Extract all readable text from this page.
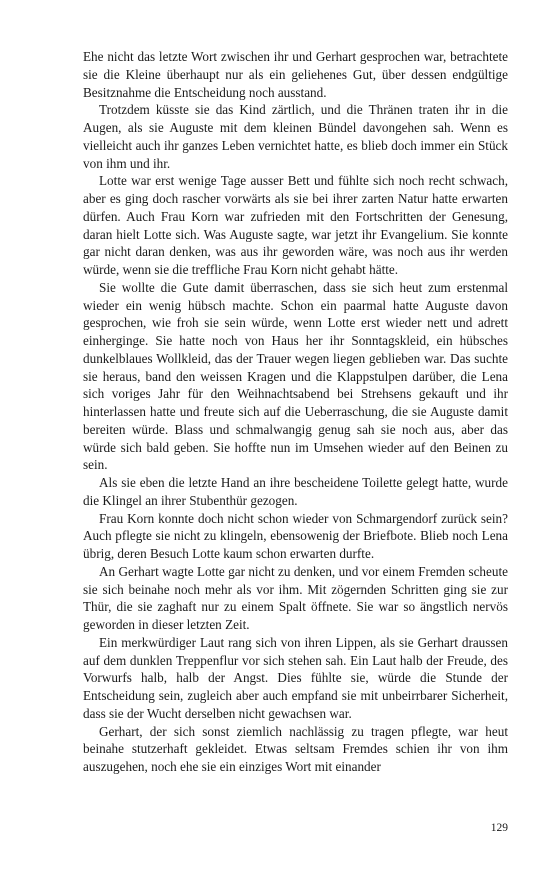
Ehe nicht das letzte Wort zwischen ihr und Gerhart gesprochen war, betrachtete sie die Kleine überhaupt nur als ein geliehenes Gut, über dessen endgültige Besitznahme die Entscheidung noch ausstand.

Trotzdem küsste sie das Kind zärtlich, und die Thränen traten ihr in die Augen, als sie Auguste mit dem kleinen Bündel davongehen sah. Wenn es vielleicht auch ihr ganzes Leben vernichtet hatte, es blieb doch immer ein Stück von ihm und ihr.

Lotte war erst wenige Tage ausser Bett und fühlte sich noch recht schwach, aber es ging doch rascher vorwärts als sie bei ihrer zarten Natur hatte erwarten dürfen. Auch Frau Korn war zufrieden mit den Fortschritten der Genesung, daran hielt Lotte sich. Was Auguste sagte, war jetzt ihr Evangelium. Sie konnte gar nicht daran denken, was aus ihr geworden wäre, was noch aus ihr werden würde, wenn sie die treffliche Frau Korn nicht gehabt hätte.

Sie wollte die Gute damit überraschen, dass sie sich heut zum erstenmal wieder ein wenig hübsch machte. Schon ein paarmal hatte Auguste davon gesprochen, wie froh sie sein würde, wenn Lotte erst wieder nett und adrett einherginge. Sie hatte noch von Haus her ihr Sonntagskleid, ein hübsches dunkelblaues Wollkleid, das der Trauer wegen liegen geblieben war. Das suchte sie heraus, band den weissen Kragen und die Klappstulpen darüber, die Lena sich voriges Jahr für den Weihnachtsabend bei Strehsens gekauft und ihr hinterlassen hatte und freute sich auf die Ueberraschung, die sie Auguste damit bereiten würde. Blass und schmalwangig genug sah sie noch aus, aber das würde sich bald geben. Sie hoffte nun im Umsehen wieder auf den Beinen zu sein.

Als sie eben die letzte Hand an ihre bescheidene Toilette gelegt hatte, wurde die Klingel an ihrer Stubenthür gezogen.

Frau Korn konnte doch nicht schon wieder von Schmargendorf zurück sein? Auch pflegte sie nicht zu klingeln, ebensowenig der Briefbote. Blieb noch Lena übrig, deren Besuch Lotte kaum schon erwarten durfte.

An Gerhart wagte Lotte gar nicht zu denken, und vor einem Fremden scheute sie sich beinahe noch mehr als vor ihm. Mit zögernden Schritten ging sie zur Thür, die sie zaghaft nur zu einem Spalt öffnete. Sie war so ängstlich nervös geworden in dieser letzten Zeit.

Ein merkwürdiger Laut rang sich von ihren Lippen, als sie Gerhart draussen auf dem dunklen Treppenflur vor sich stehen sah. Ein Laut halb der Freude, des Vorwurfs halb, halb der Angst. Dies fühlte sie, würde die Stunde der Entscheidung sein, zugleich aber auch empfand sie mit unbeirrbarer Sicherheit, dass sie der Wucht derselben nicht gewachsen war.

Gerhart, der sich sonst ziemlich nachlässig zu tragen pflegte, war heut beinahe stutzerhaft gekleidet. Etwas seltsam Fremdes schien ihr von ihm auszugehen, noch ehe sie ein einziges Wort mit einander

129
